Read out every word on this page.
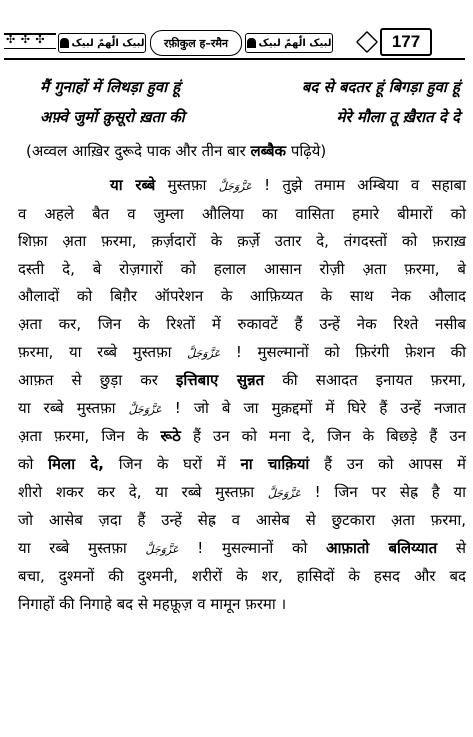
✣ ✣ ✣
لبیک الّٰھمّ لبیک	रफ़ीकुल ह–रमैन	لبیک الّٰھمّ لبیک	177
मैं गुनाहों में लिथड़ा हुवा हूं	बद से बदतर हूं बिगड़ा हुवा हूं
अफ़्वे जुर्मो क़ुसूरो ख़ता की	मेरे मौला तू ख़ैरात दे दे
(अव्वल आख़िर दुरूदे पाक और तीन बार लब्बैक पढ़िये)
या रब्बे मुस्तफ़ा عَزَّوَجَلَّ ! तुझे तमाम अम्बिया व सहाबा
व अहले बैत व जुम्ला औलिया का वासिता हमारे बीमारों को
शिफ़ा अ़ता फ़रमा, क़र्ज़दारों के क़र्ज़े उतार दे, तंगदस्तों को फ़राख़
दस्ती दे, बे रोज़गारों को हलाल आसान रोज़ी अ़ता फ़रमा, बे
औलादों को बिग़ैर ऑपरेशन के आफ़िय्यत के साथ नेक औलाद
अ़ता कर, जिन के रिश्तों में रुकावटें हैं उन्हें नेक रिश्ते नसीब
फ़रमा, या रब्बे मुस्तफ़ा عَزَّوَجَلَّ ! मुसल्मानों को फ़िरंगी फ़ेशन की
आफ़त से छुड़ा कर इत्तिबाए सुन्नत की सआदत इनायत फ़रमा,
या रब्बे मुस्तफ़ा عَزَّوَجَلَّ ! जो बे जा मुक़द्दमों में घिरे हैं उन्हें नजात
अ़ता फ़रमा, जिन के रूठे हैं उन को मना दे, जिन के बिछड़े हैं उन
को मिला दे, जिन के घरों में ना चाक़ियां हैं उन को आपस में
शीरो शकर कर दे, या रब्बे मुस्तफ़ा عَزَّوَجَلَّ ! जिन पर सेह्र है या
जो आसेब ज़दा हैं उन्हें सेह्र व आसेब से छुटकारा अ़ता फ़रमा,
या रब्बे मुस्तफ़ा عَزَّوَجَلَّ ! मुसल्मानों को आफ़ातो बलिय्यात से
बचा, दुश्मनों की दुश्मनी, शरीरों के शर, हासिदों के हसद और बद
निगाहों की निगाहे बद से महफ़ूज़ व मामून फ़रमा ।
